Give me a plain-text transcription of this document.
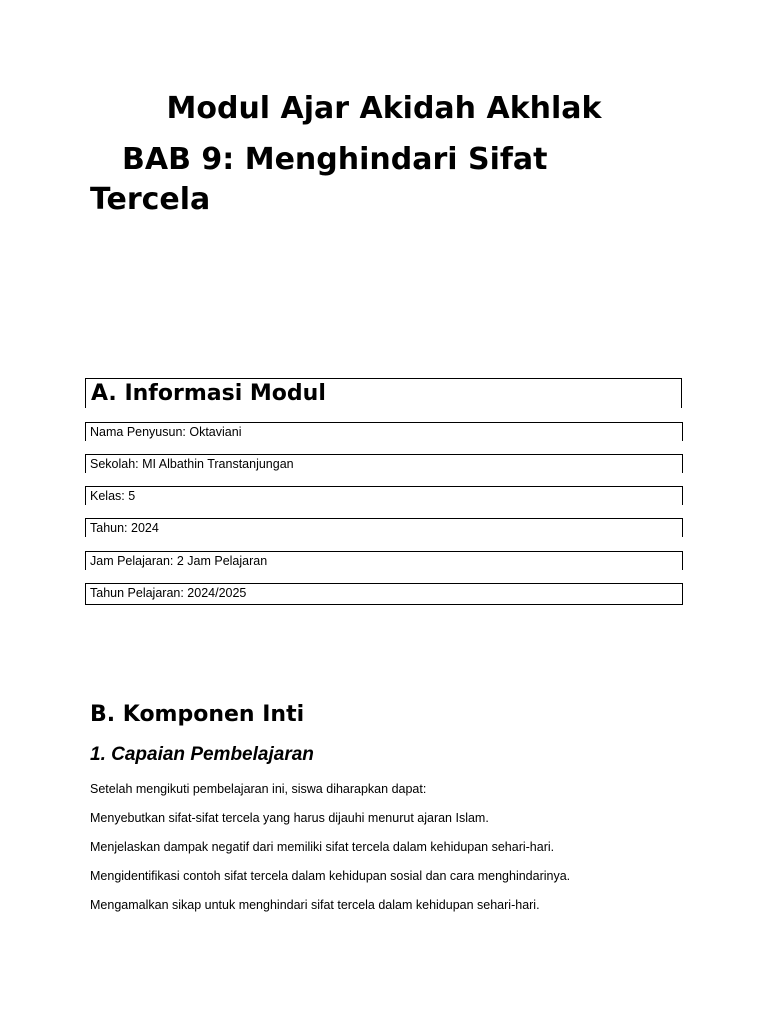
Modul Ajar Akidah Akhlak
BAB 9: Menghindari Sifat Tercela
A. Informasi Modul
Nama Penyusun: Oktaviani
Sekolah: MI Albathin Transtanjungan
Kelas: 5
Tahun: 2024
Jam Pelajaran: 2 Jam Pelajaran
Tahun Pelajaran: 2024/2025
B. Komponen Inti
1. Capaian Pembelajaran

Setelah mengikuti pembelajaran ini, siswa diharapkan dapat:

Menyebutkan sifat-sifat tercela yang harus dijauhi menurut ajaran Islam.

Menjelaskan dampak negatif dari memiliki sifat tercela dalam kehidupan sehari-hari.

Mengidentifikasi contoh sifat tercela dalam kehidupan sosial dan cara menghindarinya.

Mengamalkan sikap untuk menghindari sifat tercela dalam kehidupan sehari-hari.
